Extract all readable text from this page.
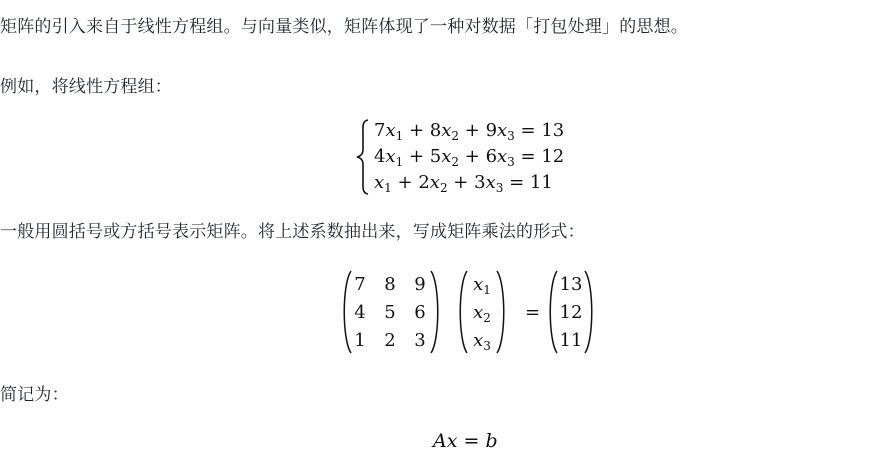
矩阵的引入来自于线性方程组。与向量类似，矩阵体现了一种对数据「打包处理」的思想。
例如，将线性方程组：
$7x_1 + 8x_2 + 9x_3 = 13$
$4x_1 + 5x_2 + 6x_3 = 12$
$x_1 + 2x_2 + 3x_3 = 11$
一般用圆括号或方括号表示矩阵。将上述系数抽出来，写成矩阵乘法的形式：
7 8 9
4 5 6
1 2 3
$x_1$
$x_2$
$x_3$
=
13
12
11
简记为：
Ax = b
